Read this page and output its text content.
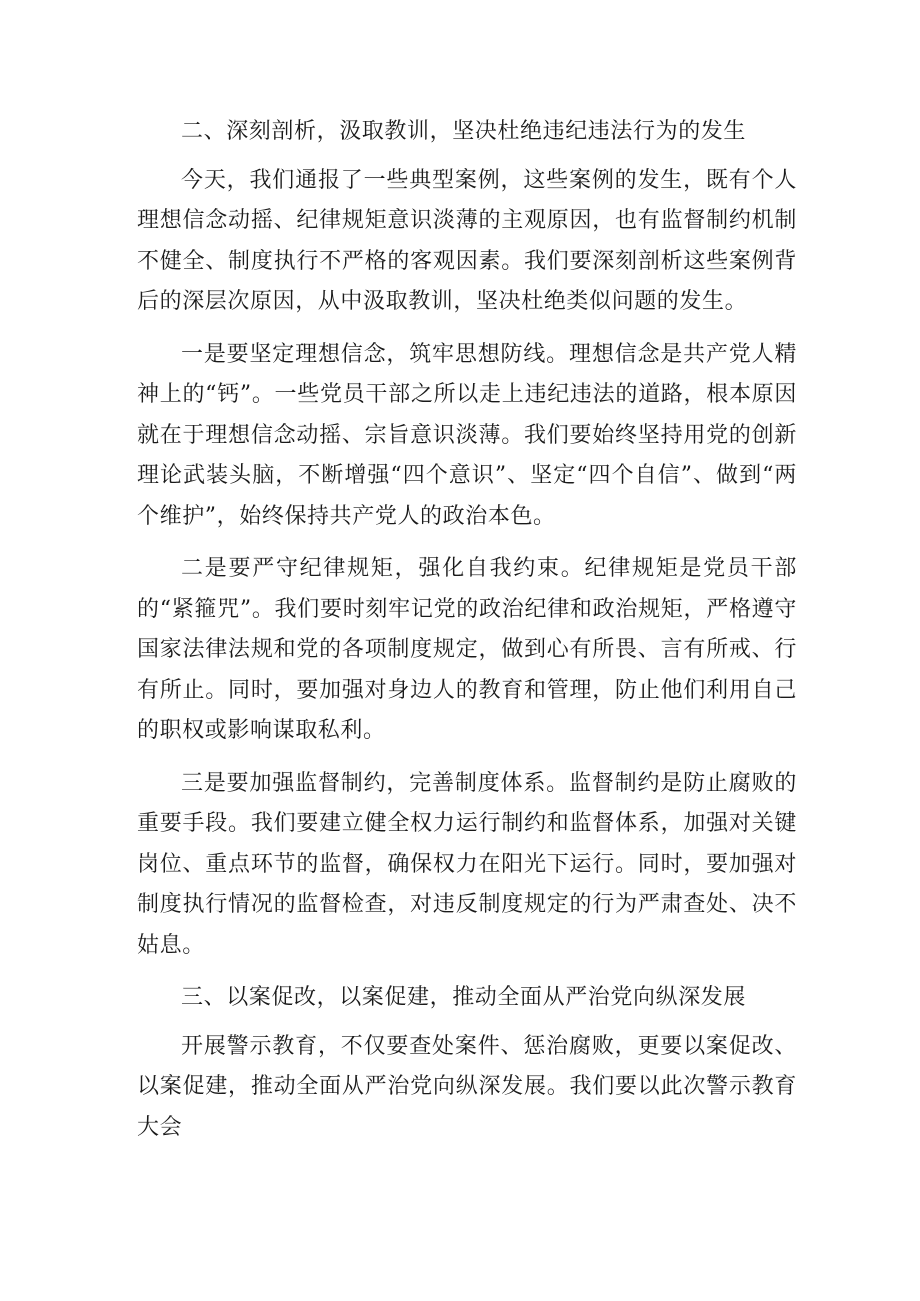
二、深刻剖析，汲取教训，坚决杜绝违纪违法行为的发生

今天，我们通报了一些典型案例，这些案例的发生，既有个人理想信念动摇、纪律规矩意识淡薄的主观原因，也有监督制约机制不健全、制度执行不严格的客观因素。我们要深刻剖析这些案例背后的深层次原因，从中汲取教训，坚决杜绝类似问题的发生。

一是要坚定理想信念，筑牢思想防线。理想信念是共产党人精神上的“钙”。一些党员干部之所以走上违纪违法的道路，根本原因就在于理想信念动摇、宗旨意识淡薄。我们要始终坚持用党的创新理论武装头脑，不断增强“四个意识”、坚定“四个自信”、做到“两个维护”，始终保持共产党人的政治本色。

二是要严守纪律规矩，强化自我约束。纪律规矩是党员干部的“紧箍咒”。我们要时刻牢记党的政治纪律和政治规矩，严格遵守国家法律法规和党的各项制度规定，做到心有所畏、言有所戒、行有所止。同时，要加强对身边人的教育和管理，防止他们利用自己的职权或影响谋取私利。

三是要加强监督制约，完善制度体系。监督制约是防止腐败的重要手段。我们要建立健全权力运行制约和监督体系，加强对关键岗位、重点环节的监督，确保权力在阳光下运行。同时，要加强对制度执行情况的监督检查，对违反制度规定的行为严肃查处、决不姑息。

三、以案促改，以案促建，推动全面从严治党向纵深发展

开展警示教育，不仅要查处案件、惩治腐败，更要以案促改、以案促建，推动全面从严治党向纵深发展。我们要以此次警示教育大会
